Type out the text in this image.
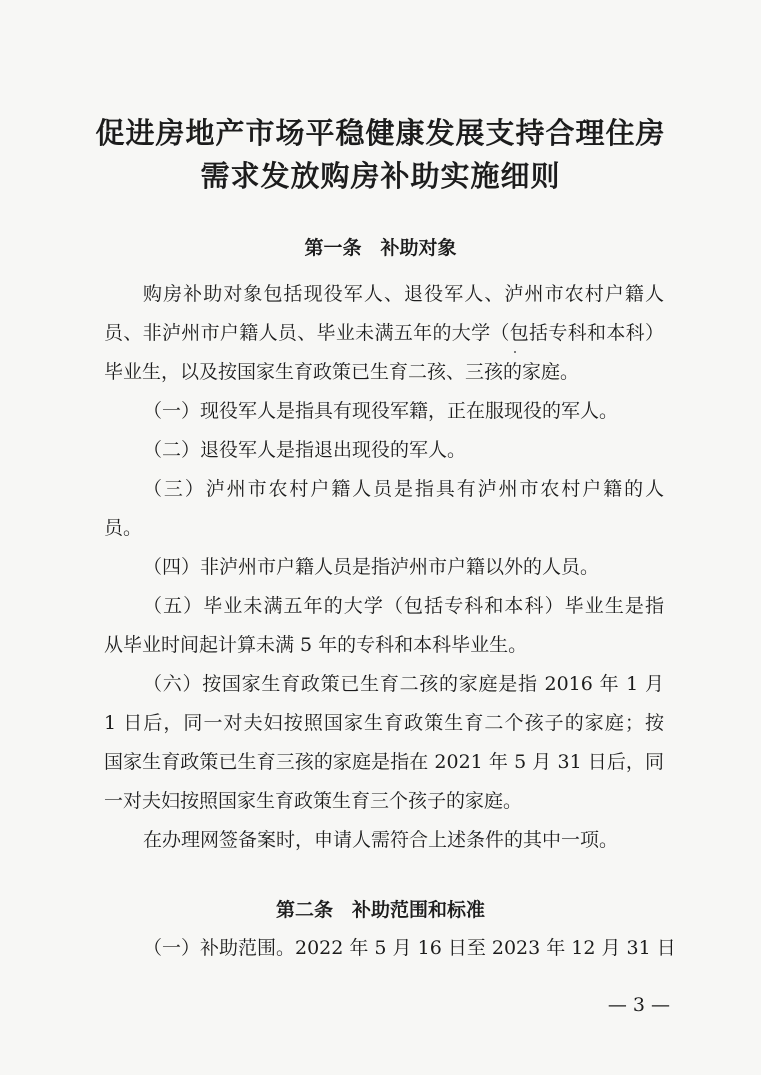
促进房地产市场平稳健康发展支持合理住房
需求发放购房补助实施细则
第一条　补助对象
购房补助对象包括现役军人、退役军人、泸州市农村户籍人
员、非泸州市户籍人员、毕业未满五年的大学（包括专科和本科）
毕业生，以及按国家生育政策已生育二孩、三孩的家庭。
（一）现役军人是指具有现役军籍，正在服现役的军人。
（二）退役军人是指退出现役的军人。
（三）泸州市农村户籍人员是指具有泸州市农村户籍的人
员。
（四）非泸州市户籍人员是指泸州市户籍以外的人员。
（五）毕业未满五年的大学（包括专科和本科）毕业生是指
从毕业时间起计算未满 5 年的专科和本科毕业生。
（六）按国家生育政策已生育二孩的家庭是指 2016 年 1 月
1 日后，同一对夫妇按照国家生育政策生育二个孩子的家庭；按
国家生育政策已生育三孩的家庭是指在 2021 年 5 月 31 日后，同
一对夫妇按照国家生育政策生育三个孩子的家庭。
在办理网签备案时，申请人需符合上述条件的其中一项。
第二条　补助范围和标准
（一）补助范围。2022 年 5 月 16 日至 2023 年 12 月 31 日
— 3 —
